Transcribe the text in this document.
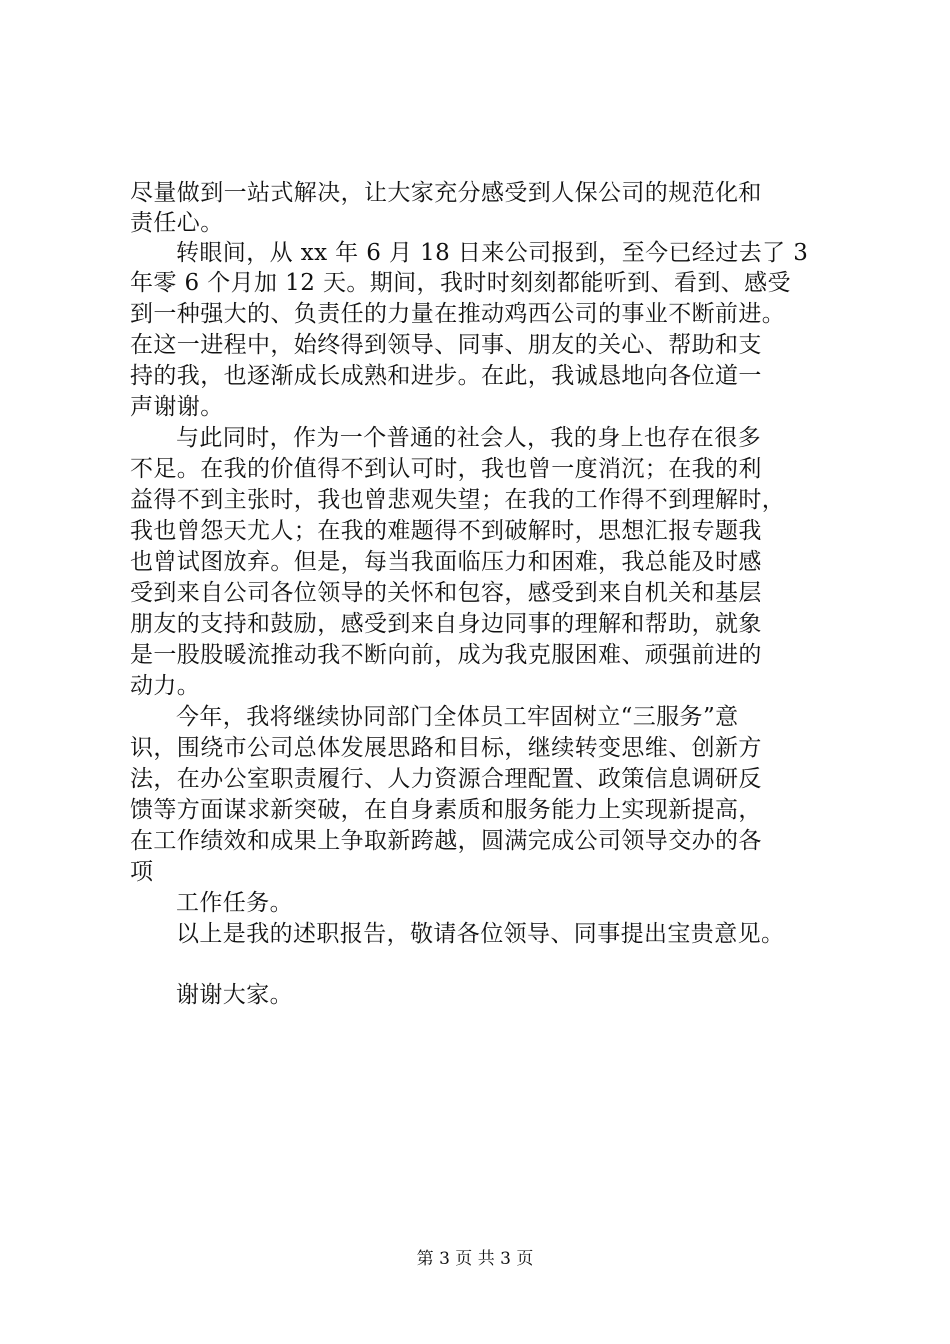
尽量做到一站式解决，让大家充分感受到人保公司的规范化和
责任心。
转眼间，从 xx 年 6 月 18 日来公司报到，至今已经过去了 3
年零 6 个月加 12 天。期间，我时时刻刻都能听到、看到、感受
到一种强大的、负责任的力量在推动鸡西公司的事业不断前进。
在这一进程中，始终得到领导、同事、朋友的关心、帮助和支
持的我，也逐渐成长成熟和进步。在此，我诚恳地向各位道一
声谢谢。
与此同时，作为一个普通的社会人，我的身上也存在很多
不足。在我的价值得不到认可时，我也曾一度消沉；在我的利
益得不到主张时，我也曾悲观失望；在我的工作得不到理解时，
我也曾怨天尤人；在我的难题得不到破解时，思想汇报专题我
也曾试图放弃。但是，每当我面临压力和困难，我总能及时感
受到来自公司各位领导的关怀和包容，感受到来自机关和基层
朋友的支持和鼓励，感受到来自身边同事的理解和帮助，就象
是一股股暖流推动我不断向前，成为我克服困难、顽强前进的
动力。
今年，我将继续协同部门全体员工牢固树立“三服务”意
识，围绕市公司总体发展思路和目标，继续转变思维、创新方
法，在办公室职责履行、人力资源合理配置、政策信息调研反
馈等方面谋求新突破，在自身素质和服务能力上实现新提高，
在工作绩效和成果上争取新跨越，圆满完成公司领导交办的各
项
工作任务。
以上是我的述职报告，敬请各位领导、同事提出宝贵意见。
谢谢大家。
第 3 页 共 3 页
